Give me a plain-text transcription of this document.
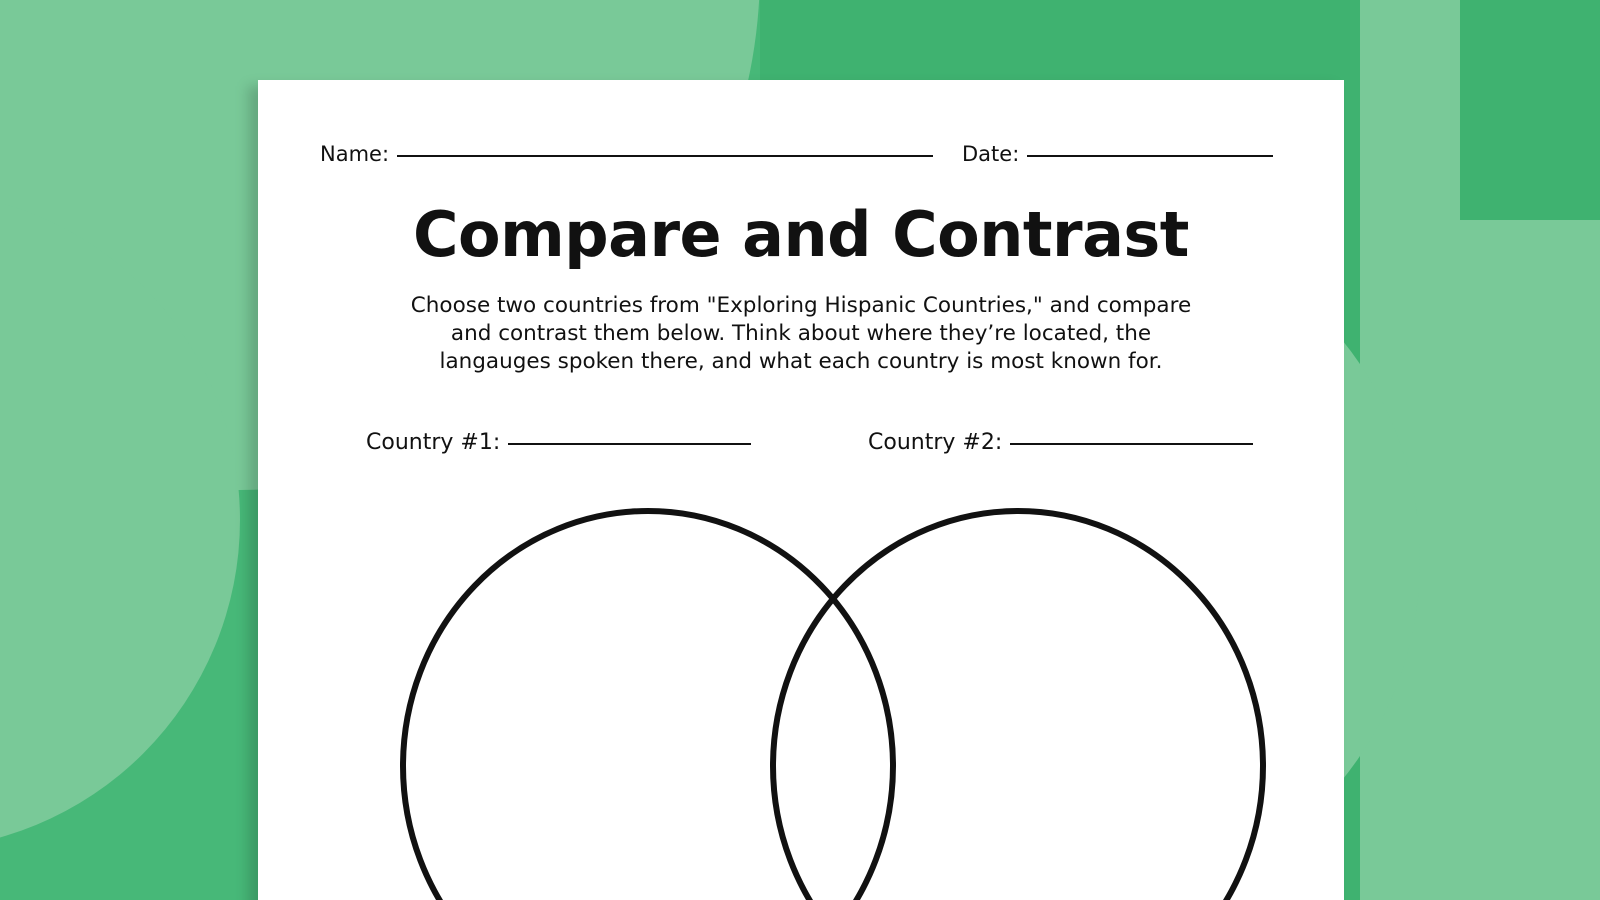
Name:	Date:
Compare and Contrast
Choose two countries from "Exploring Hispanic Countries," and compare and contrast them below. Think about where they’re located, the langauges spoken there, and what each country is most known for.
Country #1:	Country #2:
